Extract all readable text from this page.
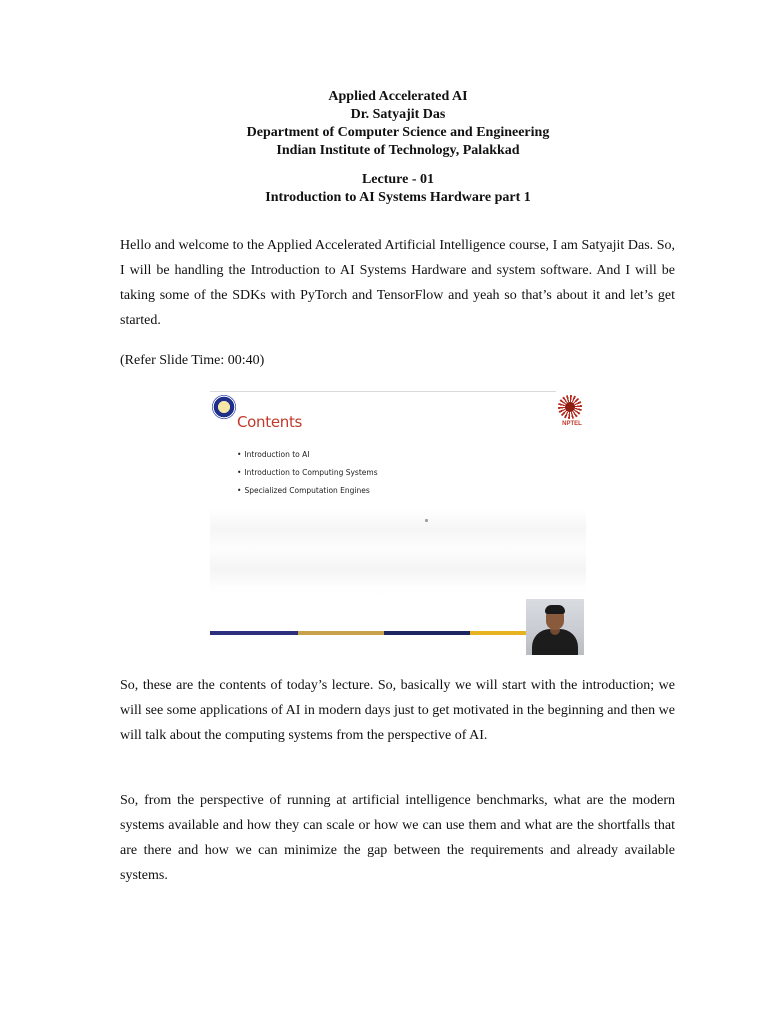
Applied Accelerated AI
Dr. Satyajit Das
Department of Computer Science and Engineering
Indian Institute of Technology, Palakkad
Lecture - 01
Introduction to AI Systems Hardware part 1

Hello and welcome to the Applied Accelerated Artificial Intelligence course, I am Satyajit Das. So, I will be handling the Introduction to AI Systems Hardware and system software. And I will be taking some of the SDKs with PyTorch and TensorFlow and yeah so that’s about it and let’s get started.

(Refer Slide Time: 00:40)

NPTEL
Contents
• Introduction to AI
• Introduction to Computing Systems
• Specialized Computation Engines

So, these are the contents of today’s lecture. So, basically we will start with the introduction; we will see some applications of AI in modern days just to get motivated in the beginning and then we will talk about the computing systems from the perspective of AI.

So, from the perspective of running at artificial intelligence benchmarks, what are the modern systems available and how they can scale or how we can use them and what are the shortfalls that are there and how we can minimize the gap between the requirements and already available systems.
